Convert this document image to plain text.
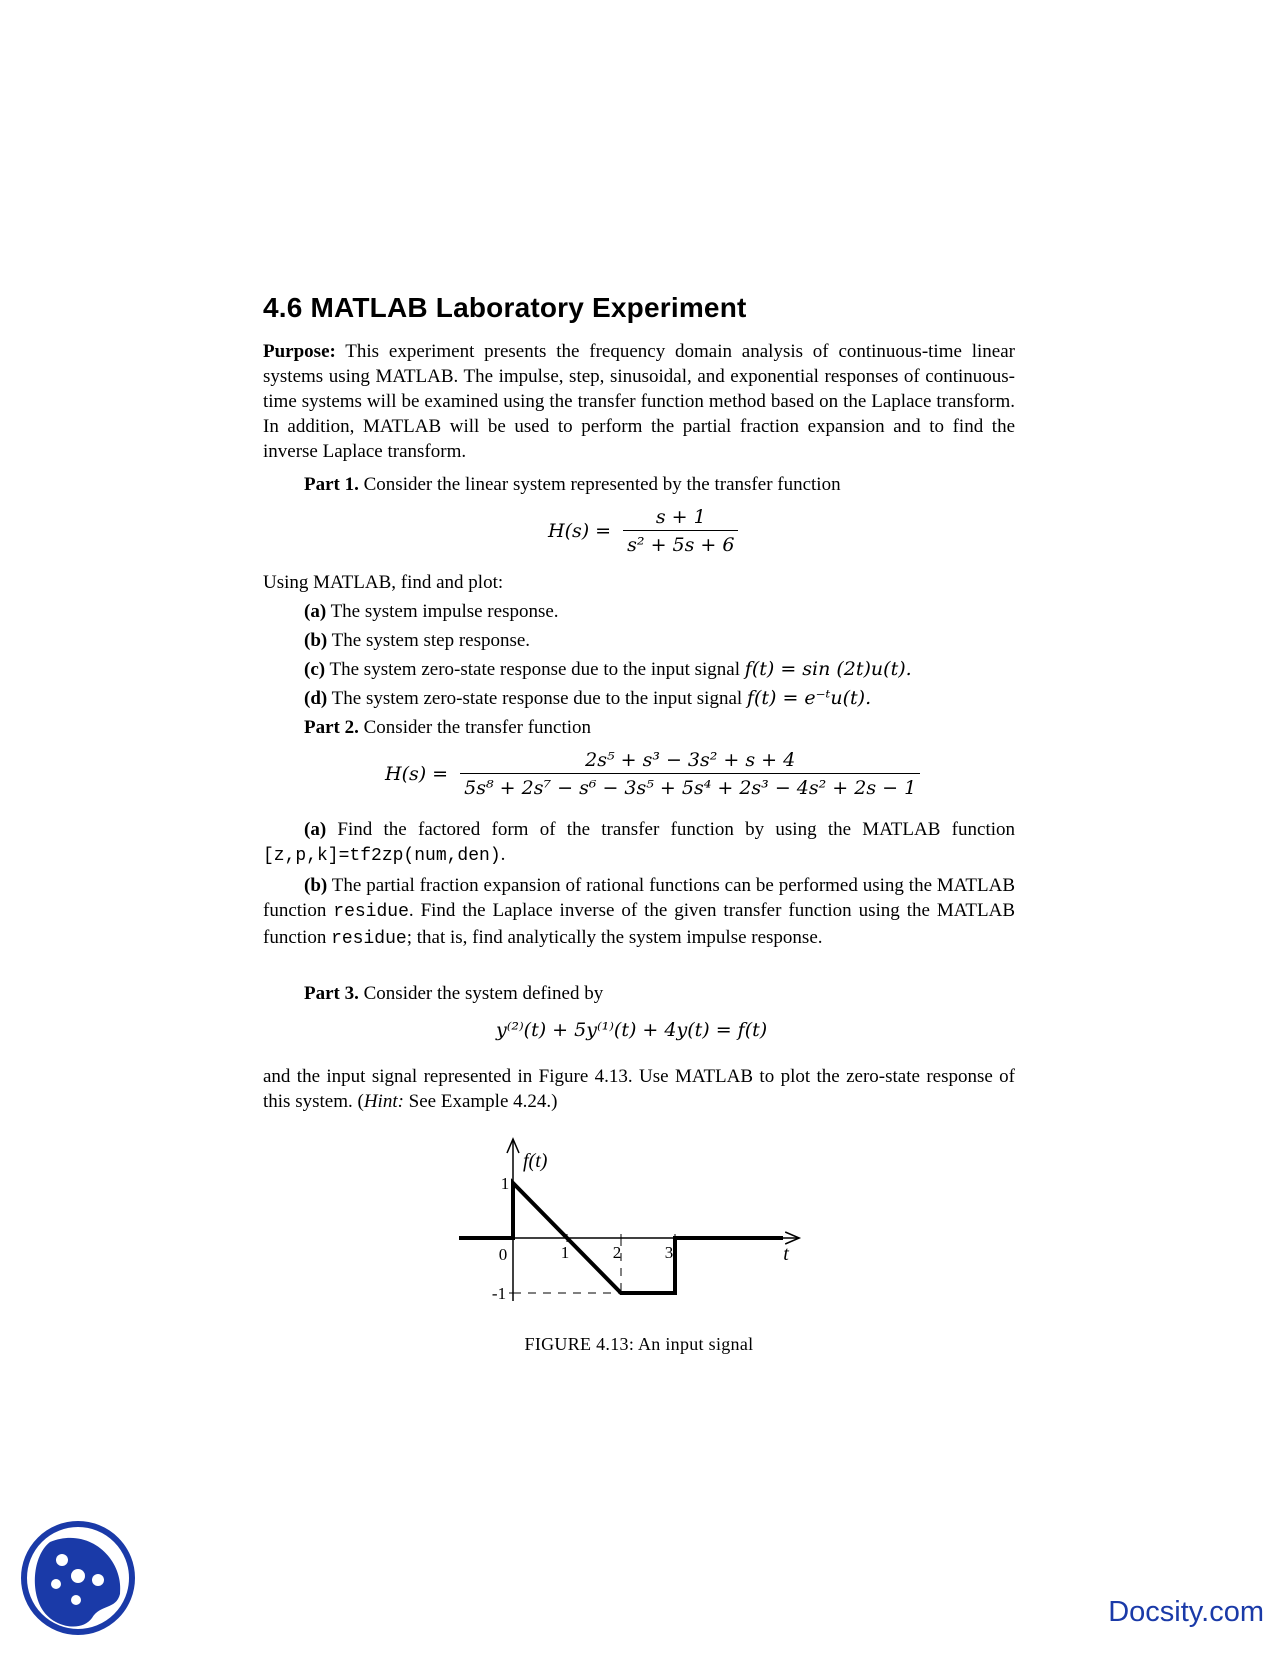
4.6 MATLAB Laboratory Experiment
Purpose: This experiment presents the frequency domain analysis of continuous-time linear systems using MATLAB. The impulse, step, sinusoidal, and exponential responses of continuous-time systems will be examined using the transfer function method based on the Laplace transform. In addition, MATLAB will be used to perform the partial fraction expansion and to find the inverse Laplace transform.
Part 1. Consider the linear system represented by the transfer function
$H(s) = \frac{s + 1}{\text{s² + 5s + 6}}$
Using MATLAB, find and plot:
(a) The system impulse response.
(b) The system step response.
(c) The system zero-state response due to the input signal f(t) = sin (2t)u(t).
(d) The system zero-state response due to the input signal f(t) = e⁻ᵗu(t).
Part 2. Consider the transfer function
$H(s) = \frac{\text{2s⁵ + s³ − 3s² + s + 4}}{\text{5s⁸ + 2s⁷ − s⁶ − 3s⁵ + 5s⁴ + 2s³ − 4s² + 2s − 1}}$
(a) Find the factored form of the transfer function by using the MATLAB function [z,p,k]=tf2zp(num,den).
(b) The partial fraction expansion of rational functions can be performed using the MATLAB function residue. Find the Laplace inverse of the given transfer function using the MATLAB function residue; that is, find analytically the system impulse response.
Part 3. Consider the system defined by
y⁽²⁾(t) + 5y⁽¹⁾(t) + 4y(t) = f(t)
and the input signal represented in Figure 4.13. Use MATLAB to plot the zero-state response of this system. (Hint: See Example 4.24.)
0	1	2	3
1
-1
f(t)
t
FIGURE 4.13: An input signal
Docsity.com
